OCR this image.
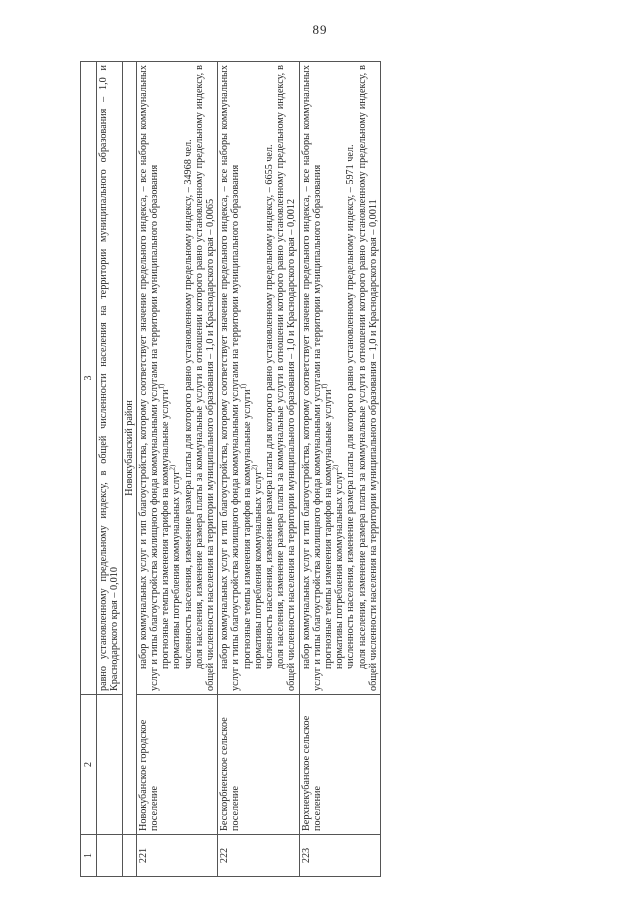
89
1	2	3

		равно установленному предельному индексу, в общей численности населения на территории муниципального образования – 1,0 и Краснодарского края – 0,010

	Новокубанский район	
221	Новокубанское городское поселение	набор коммунальных услуг и тип благоустройства, которому соответствует значение предельного индекса, – все наборы коммунальных услуг и типы благоустройства жилищного фонда коммунальными услугами на территории муниципального образования прогнозные темпы изменения тарифов на коммунальные услуги$^{1)}$

нормативы потребления коммунальных услуг$^{2)}$ численность населения, изменение размера платы для которого равно установленному предельному индексу, – 34968 чел. доля населения, изменение размера платы за коммунальные услуги в отношении которого равно установленному предельному индексу, в общей численности населения на территории муниципального образования – 1,0 и Краснодарского края – 0,0065

222	Бесскорбненское сельское поселение	набор коммунальных услуг и тип благоустройства, которому соответствует значение предельного индекса, – все наборы коммунальных услуг и типы благоустройства жилищного фонда коммунальными услугами на территории муниципального образования прогнозные темпы изменения тарифов на коммунальные услуги$^{1)}$

нормативы потребления коммунальных услуг$^{2)}$ численность населения, изменение размера платы для которого равно установленному предельному индексу, – 6655 чел. доля населения, изменение размера платы за коммунальные услуги в отношении которого равно установленному предельному индексу, в общей численности населения на территории муниципального образования – 1,0 и Краснодарского края – 0,0012

223	Верхнекубанское сельское поселение	набор коммунальных услуг и тип благоустройства, которому соответствует значение предельного индекса, – все наборы коммунальных услуг и типы благоустройства жилищного фонда коммунальными услугами на территории муниципального образования прогнозные темпы изменения тарифов на коммунальные услуги$^{1)}$

нормативы потребления коммунальных услуг$^{2)}$ численность населения, изменение размера платы для которого равно установленному предельному индексу, – 5971 чел. доля населения, изменение размера платы за коммунальные услуги в отношении которого равно установленному предельному индексу, в общей численности населения на территории муниципального образования – 1,0 и Краснодарского края – 0,0011
